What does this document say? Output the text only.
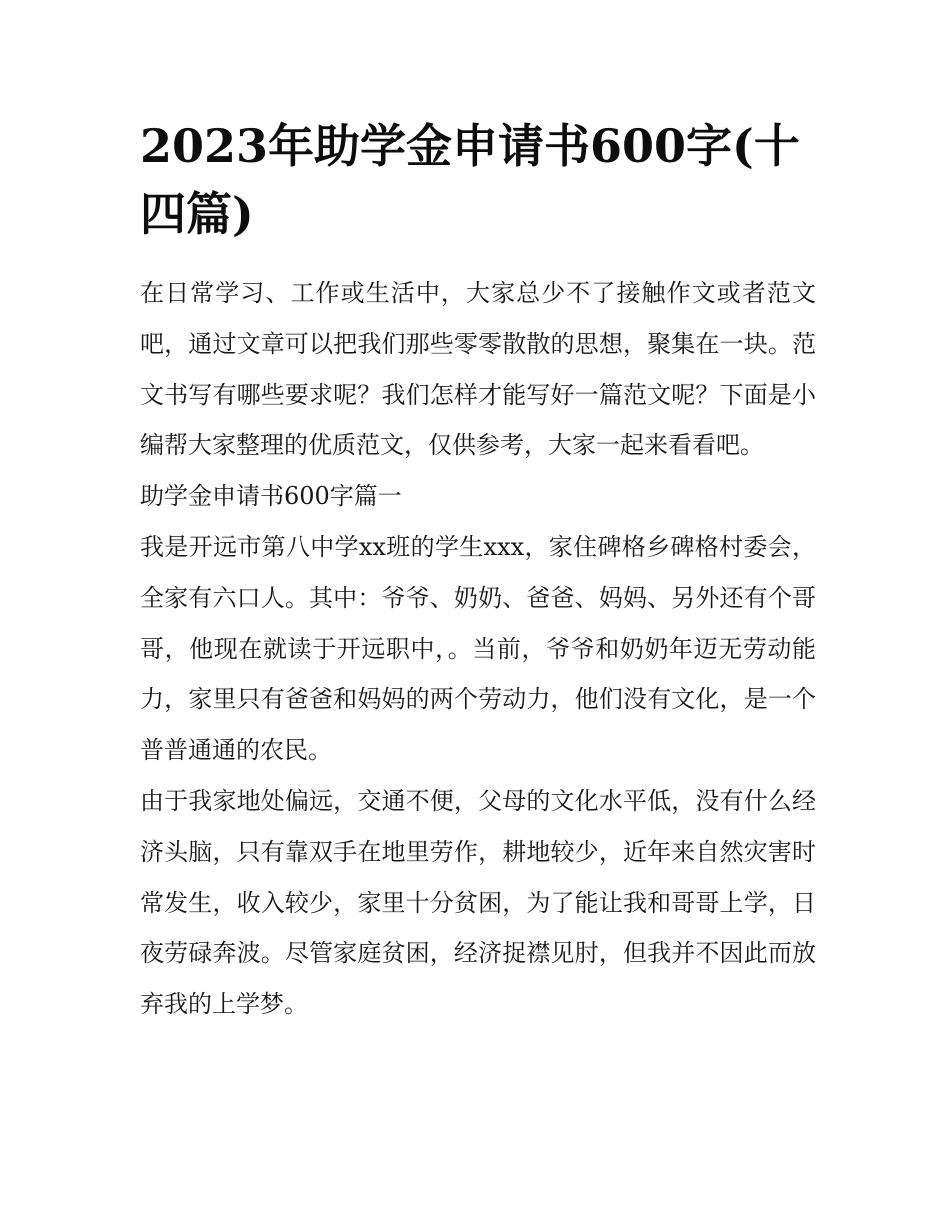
2023年助学金申请书600字(十四篇)

在日常学习、工作或生活中，大家总少不了接触作文或者范文吧，通过文章可以把我们那些零零散散的思想，聚集在一块。范文书写有哪些要求呢？我们怎样才能写好一篇范文呢？下面是小编帮大家整理的优质范文，仅供参考，大家一起来看看吧。

助学金申请书600字篇一

我是开远市第八中学xx班的学生xxx，家住碑格乡碑格村委会，全家有六口人。其中：爷爷、奶奶、爸爸、妈妈、另外还有个哥哥，他现在就读于开远职中，。当前，爷爷和奶奶年迈无劳动能力，家里只有爸爸和妈妈的两个劳动力，他们没有文化，是一个普普通通的农民。

由于我家地处偏远，交通不便，父母的文化水平低，没有什么经济头脑，只有靠双手在地里劳作，耕地较少，近年来自然灾害时常发生，收入较少，家里十分贫困，为了能让我和哥哥上学，日夜劳碌奔波。尽管家庭贫困，经济捉襟见肘，但我并不因此而放弃我的上学梦。
